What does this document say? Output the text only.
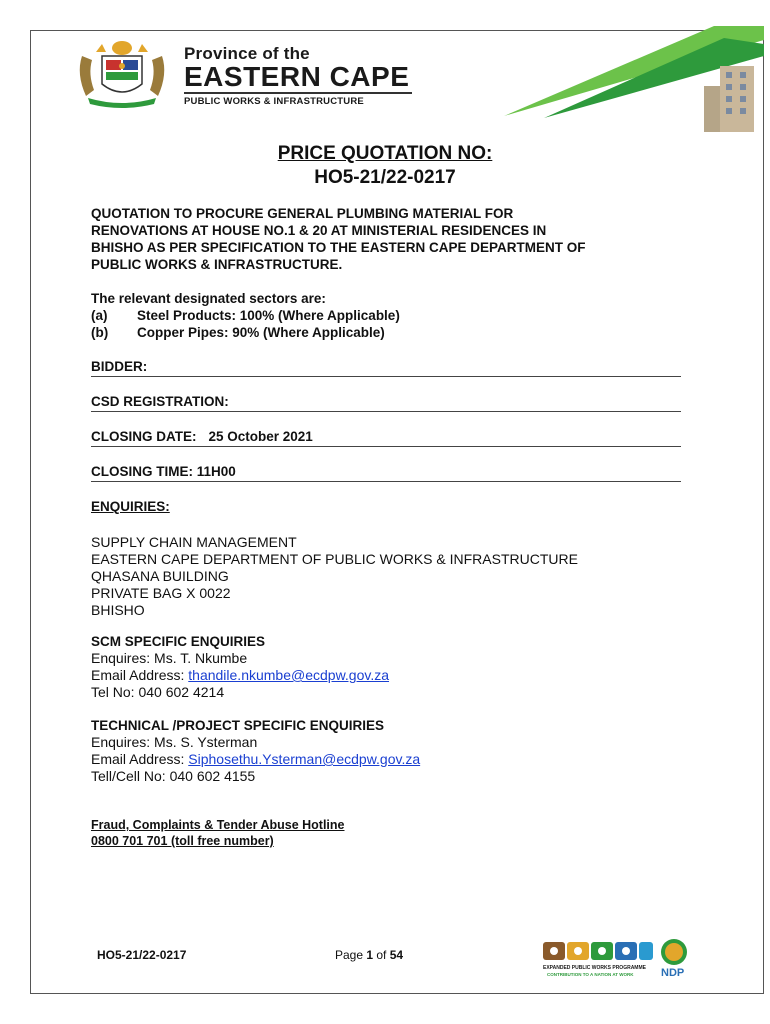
Province of the
EASTERN CAPE
PUBLIC WORKS & INFRASTRUCTURE
PRICE QUOTATION NO:
HO5-21/22-0217
QUOTATION TO PROCURE GENERAL PLUMBING MATERIAL FOR
RENOVATIONS AT HOUSE NO.1 & 20 AT MINISTERIAL RESIDENCES IN
BHISHO AS PER SPECIFICATION TO THE EASTERN CAPE DEPARTMENT OF
PUBLIC WORKS & INFRASTRUCTURE.
The relevant designated sectors are:
(a)	Steel Products: 100% (Where Applicable)
(b)	Copper Pipes: 90% (Where Applicable)
BIDDER:
CSD REGISTRATION:
CLOSING DATE: 25 October 2021
CLOSING TIME: 11H00
ENQUIRIES:
SUPPLY CHAIN MANAGEMENT
EASTERN CAPE DEPARTMENT OF PUBLIC WORKS & INFRASTRUCTURE
QHASANA BUILDING
PRIVATE BAG X 0022
BHISHO
SCM SPECIFIC ENQUIRIES
Enquires: Ms. T. Nkumbe
Email Address: thandile.nkumbe@ecdpw.gov.za
Tel No: 040 602 4214
TECHNICAL /PROJECT SPECIFIC ENQUIRIES
Enquires: Ms. S. Ysterman
Email Address: Siphosethu.Ysterman@ecdpw.gov.za
Tell/Cell No: 040 602 4155
Fraud, Complaints & Tender Abuse Hotline
0800 701 701 (toll free number)
HO5-21/22-0217	Page 1 of 54
EXPANDED PUBLIC WORKS PROGRAMME
CONTRIBUTION TO A NATION AT WORK	NDP
